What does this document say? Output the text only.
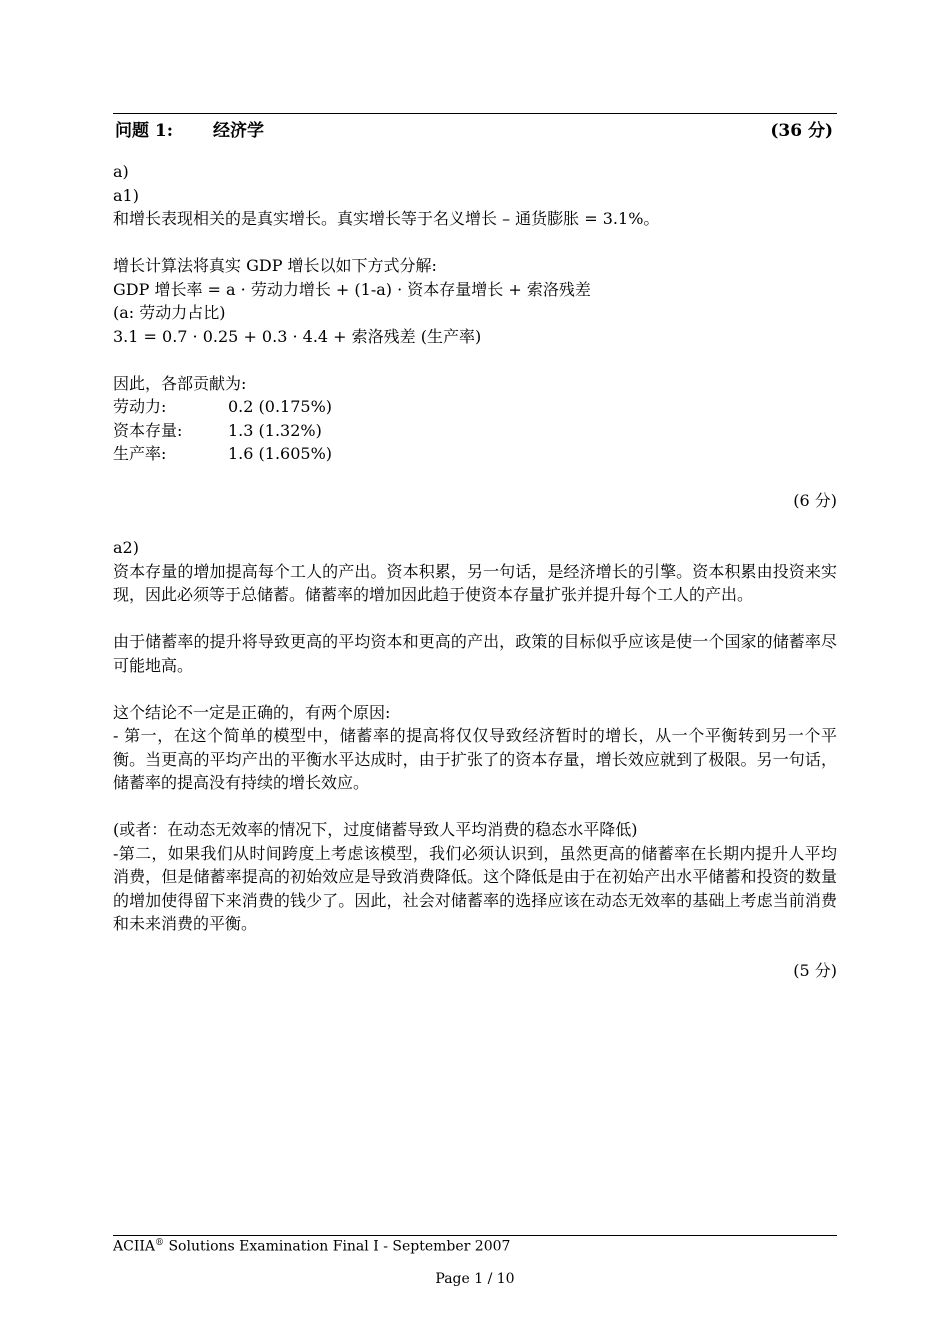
问题 1: 经济学	(36 分)
a)
a1)
和增长表现相关的是真实增长。真实增长等于名义增长 – 通货膨胀 = 3.1%。
增长计算法将真实 GDP 增长以如下方式分解:
GDP 增长率 = a · 劳动力增长 + (1-a) · 资本存量增长 + 索洛残差
(a: 劳动力占比)
3.1 = 0.7 · 0.25 + 0.3 · 4.4 + 索洛残差 (生产率)
因此，各部贡献为:
劳动力:	0.2 (0.175%)
资本存量:	1.3 (1.32%)
生产率:	1.6 (1.605%)
(6 分)
a2)
资本存量的增加提高每个工人的产出。资本积累，另一句话，是经济增长的引擎。资本积累由投资来实现，因此必须等于总储蓄。储蓄率的增加因此趋于使资本存量扩张并提升每个工人的产出。
由于储蓄率的提升将导致更高的平均资本和更高的产出，政策的目标似乎应该是使一个国家的储蓄率尽可能地高。
这个结论不一定是正确的，有两个原因:
- 第一，在这个简单的模型中，储蓄率的提高将仅仅导致经济暂时的增长，从一个平衡转到另一个平衡。当更高的平均产出的平衡水平达成时，由于扩张了的资本存量，增长效应就到了极限。另一句话，储蓄率的提高没有持续的增长效应。
(或者：在动态无效率的情况下，过度储蓄导致人平均消费的稳态水平降低)
-第二，如果我们从时间跨度上考虑该模型，我们必须认识到，虽然更高的储蓄率在长期内提升人平均消费，但是储蓄率提高的初始效应是导致消费降低。这个降低是由于在初始产出水平储蓄和投资的数量的增加使得留下来消费的钱少了。因此，社会对储蓄率的选择应该在动态无效率的基础上考虑当前消费和未来消费的平衡。
(5 分)
ACIIA® Solutions Examination Final I - September 2007
Page 1 / 10
